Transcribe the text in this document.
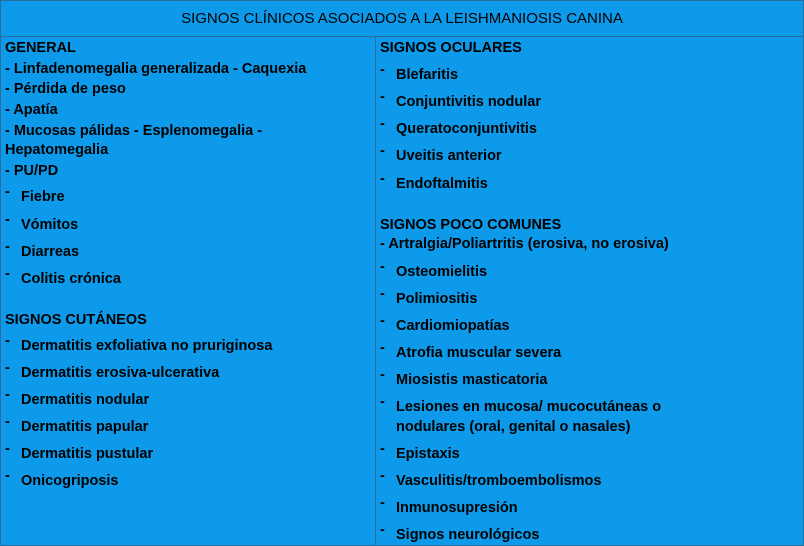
SIGNOS CLÍNICOS ASOCIADOS A LA LEISHMANIOSIS CANINA
GENERAL
- Linfadenomegalia generalizada - Caquexia
- Pérdida de peso
- Apatía
- Mucosas pálidas - Esplenomegalia -
Hepatomegalia
- PU/PD
- Fiebre
- Vómitos
- Diarreas
- Colitis crónica
SIGNOS CUTÁNEOS
- Dermatitis exfoliativa no pruriginosa
- Dermatitis erosiva-ulcerativa
- Dermatitis nodular
- Dermatitis papular
- Dermatitis pustular
- Onicogriposis
SIGNOS OCULARES
- Blefaritis
- Conjuntivitis nodular
- Queratoconjuntivitis
- Uveitis anterior
- Endoftalmitis
SIGNOS POCO COMUNES
- Artralgia/Poliartritis (erosiva, no erosiva)
- Osteomielitis
- Polimiositis
- Cardiomiopatías
- Atrofia muscular severa
- Miosistis masticatoria
- Lesiones en mucosa/ mucocutáneas o
nodulares (oral, genital o nasales)
- Epistaxis
- Vasculitis/tromboembolismos
- Inmunosupresión
- Signos neurológicos
